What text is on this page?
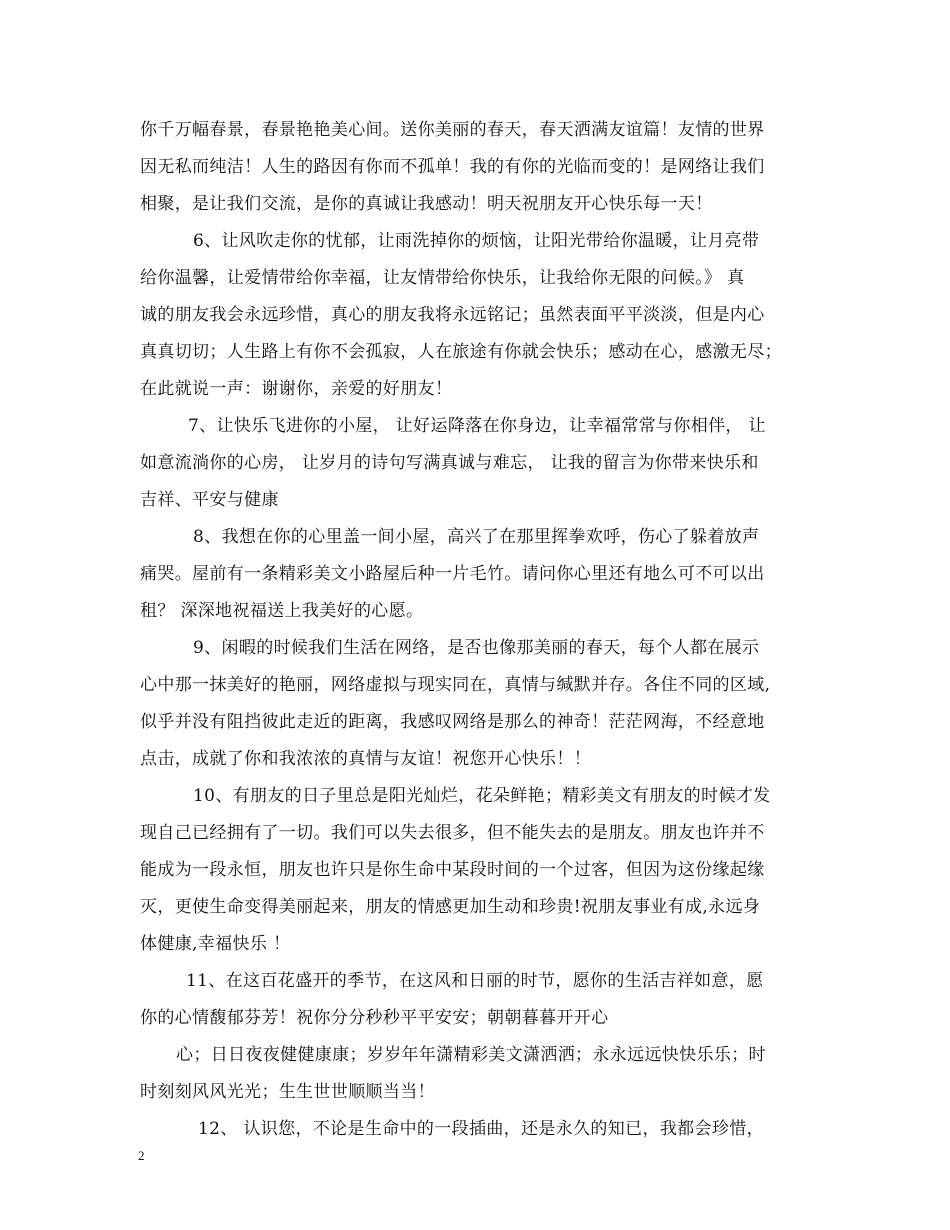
你千万幅春景，春景艳艳美心间。送你美丽的春天，春天洒满友谊篇！友情的世界
因无私而纯洁！人生的路因有你而不孤单！我的有你的光临而变的！是网络让我们
相聚，是让我们交流，是你的真诚让我感动！明天祝朋友开心快乐每一天！
6、让风吹走你的忧郁，让雨洗掉你的烦恼，让阳光带给你温暖，让月亮带
给你温馨，让爱情带给你幸福，让友情带给你快乐，让我给你无限的问候。》 真
诚的朋友我会永远珍惜，真心的朋友我将永远铭记；虽然表面平平淡淡，但是内心
真真切切；人生路上有你不会孤寂，人在旅途有你就会快乐；感动在心，感激无尽；
在此就说一声：谢谢你，亲爱的好朋友！
7、让快乐飞进你的小屋， 让好运降落在你身边，让幸福常常与你相伴， 让
如意流淌你的心房， 让岁月的诗句写满真诚与难忘， 让我的留言为你带来快乐和
吉祥、平安与健康
8、我想在你的心里盖一间小屋，高兴了在那里挥拳欢呼，伤心了躲着放声
痛哭。屋前有一条精彩美文小路屋后种一片毛竹。请问你心里还有地么可不可以出
租？ 深深地祝福送上我美好的心愿。
9、闲暇的时候我们生活在网络，是否也像那美丽的春天，每个人都在展示
心中那一抹美好的艳丽，网络虚拟与现实同在，真情与缄默并存。各住不同的区域,
似乎并没有阻挡彼此走近的距离，我感叹网络是那么的神奇！茫茫网海，不经意地
点击，成就了你和我浓浓的真情与友谊！祝您开心快乐！！
10、有朋友的日子里总是阳光灿烂，花朵鲜艳；精彩美文有朋友的时候才发
现自己已经拥有了一切。我们可以失去很多，但不能失去的是朋友。朋友也许并不
能成为一段永恒，朋友也许只是你生命中某段时间的一个过客，但因为这份缘起缘
灭，更使生命变得美丽起来，朋友的情感更加生动和珍贵!祝朋友事业有成,永远身
体健康,幸福快乐 ！
11、在这百花盛开的季节，在这风和日丽的时节，愿你的生活吉祥如意，愿
你的心情馥郁芬芳！祝你分分秒秒平平安安；朝朝暮暮开开心
心；日日夜夜健健康康；岁岁年年潇精彩美文潇洒洒；永永远远快快乐乐；时
时刻刻风风光光；生生世世顺顺当当！
12、 认识您，不论是生命中的一段插曲，还是永久的知已，我都会珍惜，
2
